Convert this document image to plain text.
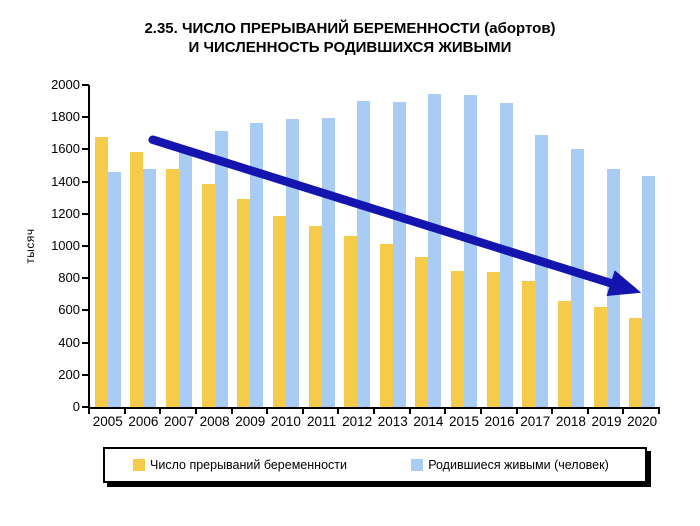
2.35. ЧИСЛО ПРЕРЫВАНИЙ БЕРЕМЕННОСТИ (абортов)
И ЧИСЛЕННОСТЬ РОДИВШИХСЯ ЖИВЫМИ
тысяч
0
200
400
600
800
1000
1200
1400
1600
1800
2000
2005 2006 2007 2008 2009 2010 2011 2012 2013 2014 2015 2016 2017 2018 2019 2020
Число прерываний беременности	Родившиеся живыми (человек)
